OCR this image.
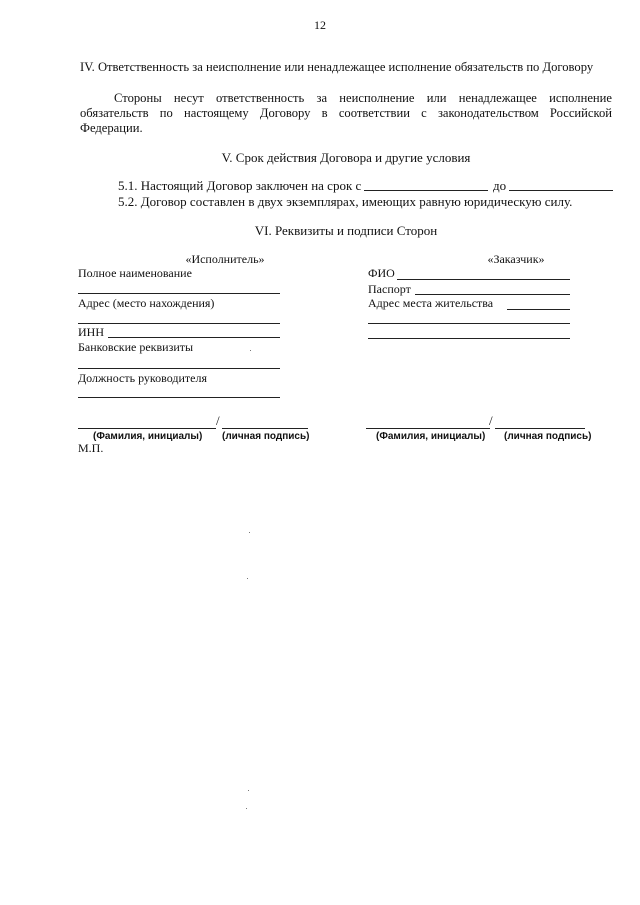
12
IV. Ответственность за неисполнение или ненадлежащее исполнение обязательств по Договору
Стороны несут ответственность за неисполнение или ненадлежащее исполнение обязательств по настоящему Договору в соответствии с законодательством Российской Федерации.
V. Срок действия Договора и другие условия
5.1. Настоящий Договор заключен на срок с	до
5.2. Договор составлен в двух экземплярах, имеющих равную юридическую силу.
VI. Реквизиты и подписи Сторон
«Исполнитель»
Полное наименование
Адрес (место нахождения)
ИНН
Банковские реквизиты
Должность руководителя
/
(Фамилия, инициалы) (личная подпись)
М.П.
«Заказчик»
ФИО
Паспорт
Адрес места жительства
/
(Фамилия, инициалы) (личная подпись)
